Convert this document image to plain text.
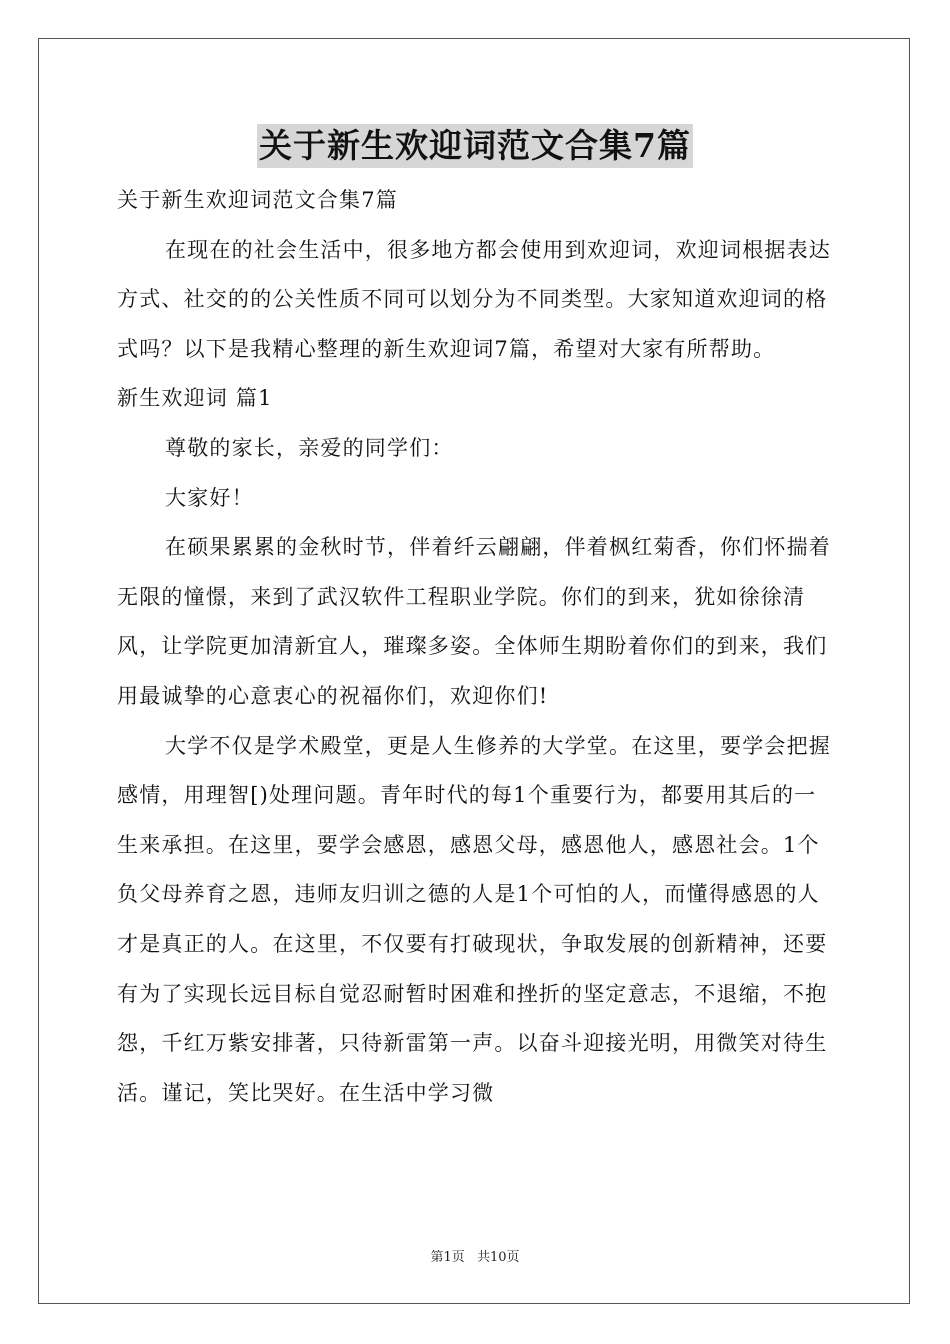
关于新生欢迎词范文合集7篇

关于新生欢迎词范文合集7篇

在现在的社会生活中，很多地方都会使用到欢迎词，欢迎词根据表达方式、社交的的公关性质不同可以划分为不同类型。大家知道欢迎词的格式吗？以下是我精心整理的新生欢迎词7篇，希望对大家有所帮助。

新生欢迎词 篇1

尊敬的家长，亲爱的同学们：

大家好！

在硕果累累的金秋时节，伴着纤云翩翩，伴着枫红菊香，你们怀揣着无限的憧憬，来到了武汉软件工程职业学院。你们的到来，犹如徐徐清风，让学院更加清新宜人，璀璨多姿。全体师生期盼着你们的到来，我们用最诚挚的心意衷心的祝福你们，欢迎你们!

大学不仅是学术殿堂，更是人生修养的大学堂。在这里，要学会把握感情，用理智[)处理问题。青年时代的每1个重要行为，都要用其后的一生来承担。在这里，要学会感恩，感恩父母，感恩他人，感恩社会。1个负父母养育之恩，违师友归训之德的人是1个可怕的人，而懂得感恩的人才是真正的人。在这里，不仅要有打破现状，争取发展的创新精神，还要有为了实现长远目标自觉忍耐暂时困难和挫折的坚定意志，不退缩，不抱怨，千红万紫安排著，只待新雷第一声。以奋斗迎接光明，用微笑对待生活。谨记，笑比哭好。在生活中学习微

第1页 共10页
